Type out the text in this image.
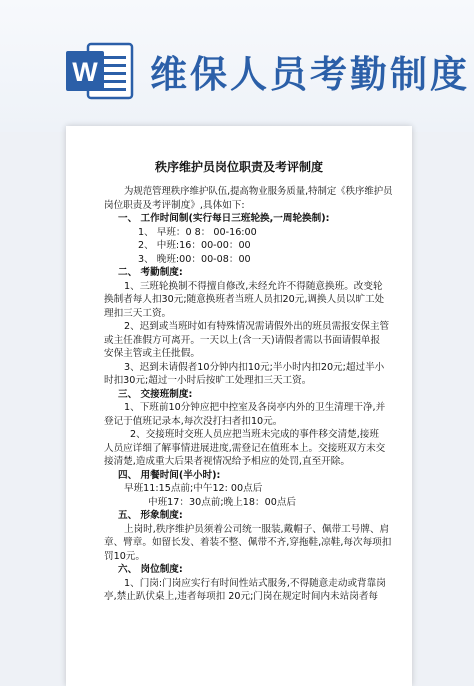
W 维保人员考勤制度
秩序维护员岗位职责及考评制度
为规范管理秩序维护队伍,提高物业服务质量,特制定《秩序维护员
岗位职责及考评制度》,具体如下:
一、 工作时间制(实行每日三班轮换,一周轮换制):
1、 早班：0 8： 00-16:00
2、 中班:16：00-00：00
3、 晚班:00：00-08：00
二、 考勤制度:
1、三班轮换制不得擅自修改,未经允许不得随意换班。改变轮
换制者每人扣30元;随意换班者当班人员扣20元,调换人员以旷工处
理扣三天工资。
2、迟到或当班时如有特殊情况需请假外出的班员需报安保主管
或主任准假方可离开。一天以上(含一天)请假者需以书面请假单报
安保主管或主任批假。
3、迟到未请假者10分钟内扣10元;半小时内扣20元;超过半小
时扣30元;超过一小时后按旷工处理扣三天工资。
三、 交接班制度:
1、下班前10分钟应把中控室及各岗亭内外的卫生清理干净,并
登记于值班记录本,每次没打扫者扣10元。
2、交接班时交班人员应把当班未完成的事件移交清楚,接班
人员应详细了解事情进展进度,需登记在值班本上。交接班双方未交
接清楚,造成重大后果者视情况给予相应的处罚,直至开除。
四、 用餐时间(半小时):
早班11:15点前;中午12: 00点后
中班17：30点前;晚上18：00点后
五、 形象制度:
上岗时,秩序维护员须着公司统一服装,戴帽子、佩带工号牌、肩
章、臂章。如留长发、着装不整、佩带不齐,穿拖鞋,凉鞋,每次每项扣
罚10元。
六、 岗位制度:
1、门岗:门岗应实行有时间性站式服务,不得随意走动或背靠岗
亭,禁止趴伏桌上,违者每项扣 20元;门岗在规定时间内未站岗者每
